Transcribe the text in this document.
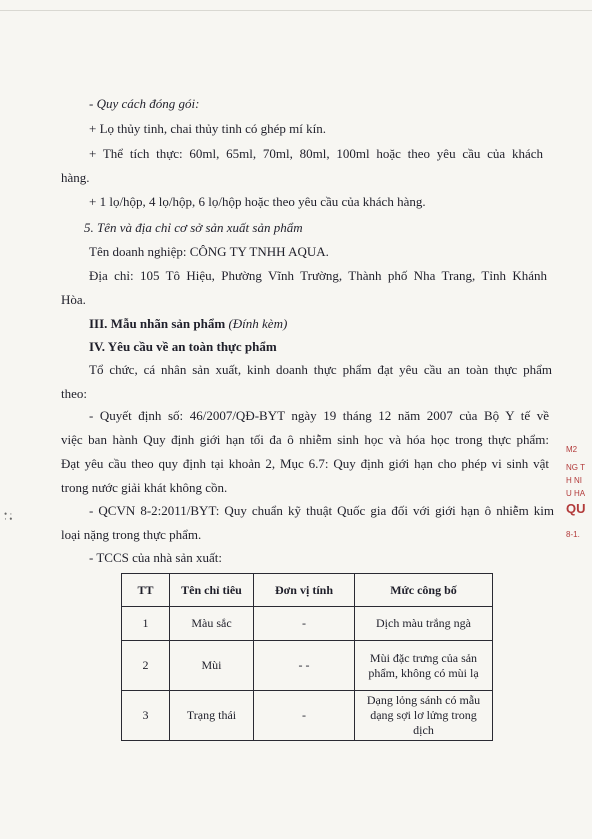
- Quy cách đóng gói:
+ Lọ thủy tinh, chai thủy tinh có ghép mí kín.
+ Thể tích thực: 60ml, 65ml, 70ml, 80ml, 100ml hoặc theo yêu cầu của khách
hàng.
+ 1 lọ/hộp, 4 lọ/hộp, 6 lọ/hộp hoặc theo yêu cầu của khách hàng.
5. Tên và địa chỉ cơ sở sản xuất sản phẩm
Tên doanh nghiệp: CÔNG TY TNHH AQUA.
Địa chỉ: 105 Tô Hiệu, Phường Vĩnh Trường, Thành phố Nha Trang, Tỉnh Khánh
Hòa.
III. Mẫu nhãn sản phẩm (Đính kèm)
IV. Yêu cầu về an toàn thực phẩm
Tổ chức, cá nhân sản xuất, kinh doanh thực phẩm đạt yêu cầu an toàn thực phẩm
theo:
- Quyết định số: 46/2007/QĐ-BYT ngày 19 tháng 12 năm 2007 của Bộ Y tế về
việc ban hành Quy định giới hạn tối đa ô nhiễm sinh học và hóa học trong thực phẩm:
Đạt yêu cầu theo quy định tại khoản 2, Mục 6.7: Quy định giới hạn cho phép vi sinh vật
trong nước giải khát không cồn.
- QCVN 8-2:2011/BYT: Quy chuẩn kỹ thuật Quốc gia đối với giới hạn ô nhiễm kim
loại nặng trong thực phẩm.
- TCCS của nhà sản xuất:
TT	Tên chỉ tiêu	Đơn vị tính	Mức công bố
1	Màu sắc	-	Dịch màu trắng ngà
2	Mùi	- -	Mùi đặc trưng của sản phẩm, không có mùi lạ
3	Trạng thái	-	Dạng lỏng sánh có mẫu dạng sợi lơ lửng trong dịch
M2
NG T
H NI
U HA
QU
8-1.
• ·
· •
